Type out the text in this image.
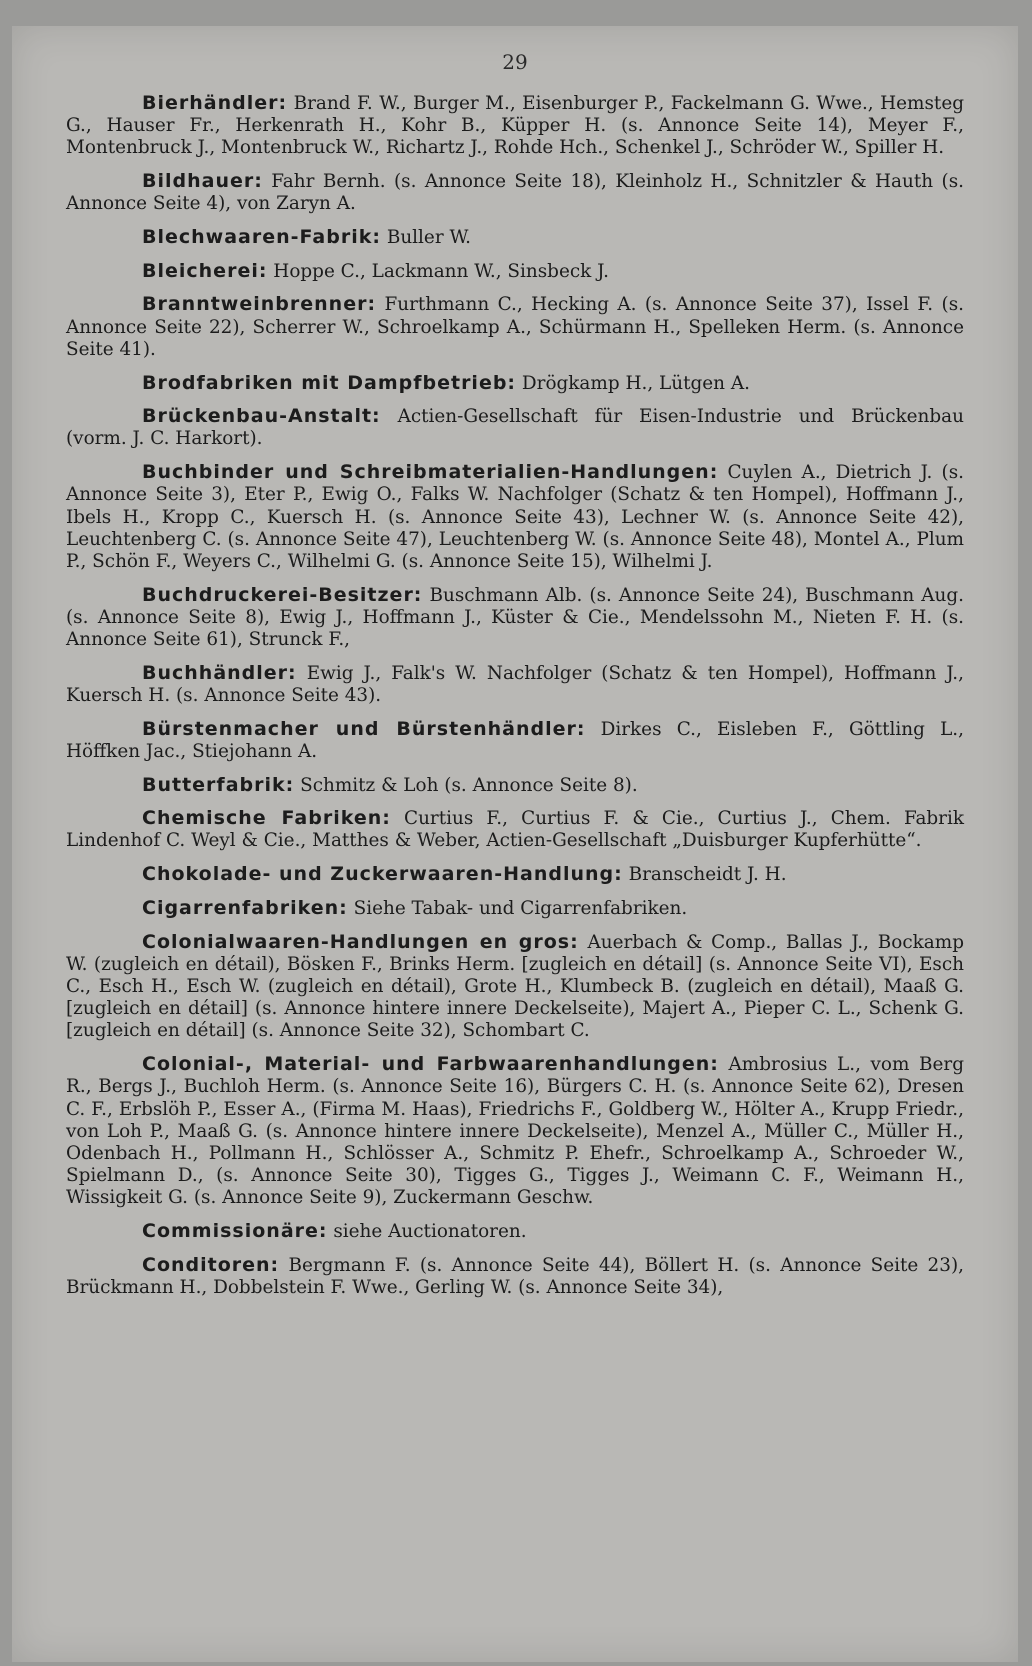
29

Bierhändler: Brand F. W., Burger M., Eisenburger P., Fackelmann G. Wwe., Hemsteg G., Hauser Fr., Herkenrath H., Kohr B., Küpper H. (s. Annonce Seite 14), Meyer F., Montenbruck J., Montenbruck W., Richartz J., Rohde Hch., Schenkel J., Schröder W., Spiller H.

Bildhauer: Fahr Bernh. (s. Annonce Seite 18), Kleinholz H., Schnitzler & Hauth (s. Annonce Seite 4), von Zaryn A.

Blechwaaren-Fabrik: Buller W.

Bleicherei: Hoppe C., Lackmann W., Sinsbeck J.

Branntweinbrenner: Furthmann C., Hecking A. (s. Annonce Seite 37), Issel F. (s. Annonce Seite 22), Scherrer W., Schroelkamp A., Schürmann H., Spelleken Herm. (s. Annonce Seite 41).

Brodfabriken mit Dampfbetrieb: Drögkamp H., Lütgen A.

Brückenbau-Anstalt: Actien-Gesellschaft für Eisen-Industrie und Brückenbau (vorm. J. C. Harkort).

Buchbinder und Schreibmaterialien-Handlungen: Cuylen A., Dietrich J. (s. Annonce Seite 3), Eter P., Ewig O., Falks W. Nachfolger (Schatz & ten Hompel), Hoffmann J., Ibels H., Kropp C., Kuersch H. (s. Annonce Seite 43), Lechner W. (s. Annonce Seite 42), Leuchtenberg C. (s. Annonce Seite 47), Leuchtenberg W. (s. Annonce Seite 48), Montel A., Plum P., Schön F., Weyers C., Wilhelmi G. (s. Annonce Seite 15), Wilhelmi J.

Buchdruckerei-Besitzer: Buschmann Alb. (s. Annonce Seite 24), Buschmann Aug. (s. Annonce Seite 8), Ewig J., Hoffmann J., Küster & Cie., Mendelssohn M., Nieten F. H. (s. Annonce Seite 61), Strunck F.,

Buchhändler: Ewig J., Falk's W. Nachfolger (Schatz & ten Hompel), Hoffmann J., Kuersch H. (s. Annonce Seite 43).

Bürstenmacher und Bürstenhändler: Dirkes C., Eisleben F., Göttling L., Höffken Jac., Stiejohann A.

Butterfabrik: Schmitz & Loh (s. Annonce Seite 8).

Chemische Fabriken: Curtius F., Curtius F. & Cie., Curtius J., Chem. Fabrik Lindenhof C. Weyl & Cie., Matthes & Weber, Actien-Gesellschaft „Duisburger Kupferhütte“.

Chokolade- und Zuckerwaaren-Handlung: Branscheidt J. H.

Cigarrenfabriken: Siehe Tabak- und Cigarrenfabriken.

Colonialwaaren-Handlungen en gros: Auerbach & Comp., Ballas J., Bockamp W. (zugleich en détail), Bösken F., Brinks Herm. [zugleich en détail] (s. Annonce Seite VI), Esch C., Esch H., Esch W. (zugleich en détail), Grote H., Klumbeck B. (zugleich en détail), Maaß G. [zugleich en détail] (s. Annonce hintere innere Deckelseite), Majert A., Pieper C. L., Schenk G. [zugleich en détail] (s. Annonce Seite 32), Schombart C.

Colonial-, Material- und Farbwaarenhandlungen: Ambrosius L., vom Berg R., Bergs J., Buchloh Herm. (s. Annonce Seite 16), Bürgers C. H. (s. Annonce Seite 62), Dresen C. F., Erbslöh P., Esser A., (Firma M. Haas), Friedrichs F., Goldberg W., Hölter A., Krupp Friedr., von Loh P., Maaß G. (s. Annonce hintere innere Deckelseite), Menzel A., Müller C., Müller H., Odenbach H., Pollmann H., Schlösser A., Schmitz P. Ehefr., Schroelkamp A., Schroeder W., Spielmann D., (s. Annonce Seite 30), Tigges G., Tigges J., Weimann C. F., Weimann H., Wissigkeit G. (s. Annonce Seite 9), Zuckermann Geschw.

Commissionäre: siehe Auctionatoren.

Conditoren: Bergmann F. (s. Annonce Seite 44), Böllert H. (s. Annonce Seite 23), Brückmann H., Dobbelstein F. Wwe., Gerling W. (s. Annonce Seite 34),
